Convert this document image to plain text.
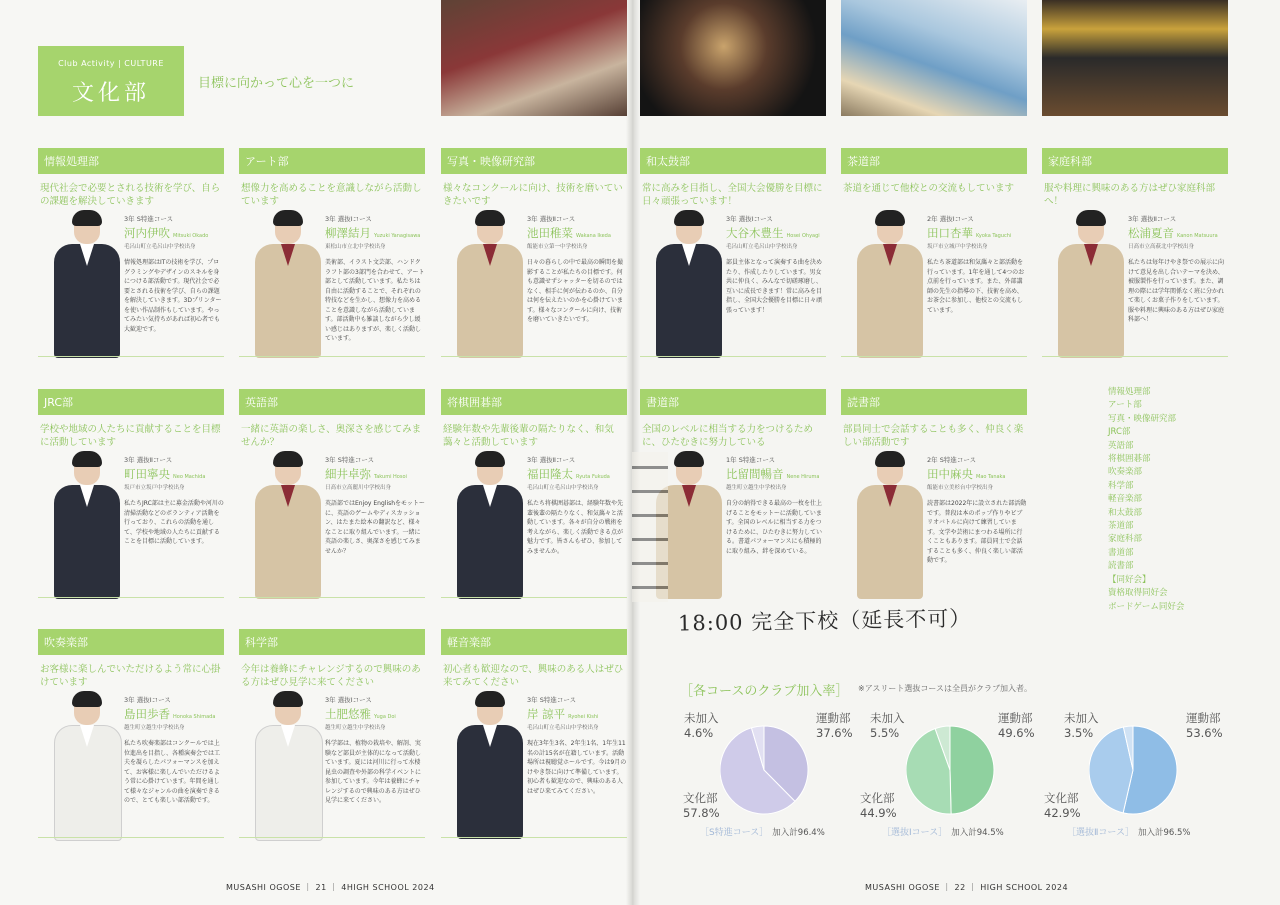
Club Activity | CULTURE
文化部	目標に向かって心を一つに
情報処理部
現代社会で必要とされる技術を学び、自らの課題を解決していきます
3年 S特進コース
河内伊吹 Mitsuki Okado
毛呂山町立毛呂山中学校出身
情報処理部はITの技術を学び、プログラミングやデザインのスキルを身につける部活動です。現代社会で必要とされる技術を学び、自らの課題を解決していきます。3Dプリンターを使い作品制作もしています。やってみたい気持ちがあれば初心者でも大歓迎です。
アート部
想像力を高めることを意識しながら活動しています
3年 選抜Ⅰコース
柳澤結月 Yuzuki Yanagisawa
東松山市立北中学校出身
美術部、イラスト文芸部、ハンドクラフト部の3部門を合わせて、アート部として活動しています。私たちは自由に活動することで、それぞれの特技などを生かし、想像力を高めることを意識しながら活動しています。部活動中も雑談しながら少し緩い感じはありますが、楽しく活動しています。
写真・映像研究部
様々なコンクールに向け、技術を磨いていきたいです
3年 選抜Ⅱコース
池田稚菜 Wakana Ikeda
飯能市立第一中学校出身
日々の暮らしの中で最高の瞬間を撮影することが私たちの目標です。何も意識せずシャッターを切るのではなく、相手に何が伝わるのか、自分は何を伝えたいのかを心掛けています。様々なコンクールに向け、技術を磨いていきたいです。
JRC部
学校や地域の人たちに貢献することを目標に活動しています
3年 選抜Ⅱコース
町田寧央 Neo Machida
坂戸市立坂戸中学校出身
私たちJRC部は主に募金活動や河川の清掃活動などのボランティア活動を行っており、これらの活動を通して、学校や地域の人たちに貢献することを目標に活動しています。
英語部
一緒に英語の楽しさ、奥深さを感じてみませんか？
3年 S特進コース
細井卓弥 Takumi Hosoi
日高市立高麗川中学校出身
英語部ではEnjoy Englishをモットーに、英語のゲームやディスカッション、はたまた絵本の翻訳など、様々なことに取り組んでいます。一緒に英語の楽しさ、奥深さを感じてみませんか？
将棋囲碁部
経験年数や先輩後輩の隔たりなく、和気藹々と活動しています
3年 選抜Ⅱコース
福田隆太 Ryuta Fukuda
毛呂山町立毛呂山中学校出身
私たち将棋囲碁部は、経験年数や先輩後輩の隔たりなく、和気藹々と活動しています。各々が自分の戦術を考えながら、楽しく活動できる点が魅力です。皆さんもぜひ、参加してみませんか。
吹奏楽部
お客様に楽しんでいただけるよう常に心掛けています
3年 選抜Ⅰコース
島田歩香 Honoka Shimada
越生町立越生中学校出身
私たち吹奏楽部はコンクールでは上位進出を目指し、各種演奏会では工夫を凝らしたパフォーマンスを加えて、お客様に楽しんでいただけるよう常に心掛けています。年間を通して様々なジャンルの曲を演奏できるので、とても楽しい部活動です。
科学部
今年は養蜂にチャレンジするので興味のある方はぜひ見学に来てください
3年 選抜Ⅰコース
土肥悠雅 Yuga Doi
越生町立越生中学校出身
科学部は、植物の栽培や、解剖、実験など部員が主体的になって活動しています。夏には河川に行って水棲昆虫の調査や外部の科学イベントに参加しています。今年は養蜂にチャレンジするので興味のある方はぜひ見学に来てください。
軽音楽部
初心者も歓迎なので、興味のある人はぜひ来てみてください
3年 S特進コース
岸 諒平 Ryohei Kishi
毛呂山町立毛呂山中学校出身
現在3年生3名、2年生1名、1年生11名の計15名が在籍しています。活動場所は視聴覚ホールです。今は9月のけやき祭に向けて準備しています。初心者も歓迎なので、興味のある人はぜひ来てみてください。
和太鼓部
常に高みを目指し、全国大会優勝を目標に日々頑張っています！
3年 選抜Ⅰコース
大谷木豊生 Hosei Ohyagi
毛呂山町立毛呂山中学校出身
部員主体となって演奏する曲を決めたり、作成したりしています。男女共に仲良く、みんなで切磋琢磨し、互いに成長できます！常に高みを目指し、全国大会優勝を目標に日々頑張っています！
茶道部
茶道を通じて他校との交流もしています
2年 選抜Ⅰコース
田口杏華 Kyoka Taguchi
坂戸市立城戸中学校出身
私たち茶道部は和気藹々と部活動を行っています。1年を通して4つのお点前を行っています。また、外部講師の先生の指導の下、技術を高め、お茶会に参加し、他校との交流もしています。
家庭科部
服や料理に興味のある方はぜひ家庭科部へ！
3年 選抜Ⅱコース
松浦夏音 Kanon Matsuura
日高市立高萩北中学校出身
私たちは毎年けやき祭での展示に向けて意見を出し合いテーマを決め、被服製作を行っています。また、調理の際には学年関係なく班に分かれて楽しくお菓子作りをしています。服や料理に興味のある方はぜひ家庭科部へ！
書道部
全国のレベルに相当する力をつけるために、ひたむきに努力している
1年 S特進コース
比留間暢音 Nene Hiruma
越生町立越生中学校出身
自分の納得できる最高の一枚を仕上げることをモットーに活動しています。全国のレベルに相当する力をつけるために、ひたむきに努力している。書道パフォーマンスにも積極的に取り組み、絆を深めている。
読書部
部員同士で会話することも多く、仲良く楽しい部活動です
2年 S特進コース
田中麻央 Mao Tanaka
飯能市立美杉台中学校出身
読書部は2022年に設立された部活動です。普段は本のポップ作りやビブリオバトルに向けて練習しています。文学や芸術にまつわる場所に行くこともあります。部員同士で会話することも多く、仲良く楽しい部活動です。
情報処理部
アート部
写真・映像研究部
JRC部
英語部
将棋囲碁部
吹奏楽部
科学部
軽音楽部
和太鼓部
茶道部
家庭科部
書道部
読書部
【同好会】
資格取得同好会
ボードゲーム同好会
18:00 完全下校（延長不可）
［各コースのクラブ加入率］ ※アスリート選抜コースは全員がクラブ加入者。
未加入
4.6%
運動部
37.6%
文化部
57.8%
［S特進コース］ 加入計96.4%
未加入
5.5%
運動部
49.6%
文化部
44.9%
［選抜Ⅰコース］ 加入計94.5%
未加入
3.5%
運動部
53.6%
文化部
42.9%
［選抜Ⅱコース］ 加入計96.5%
MUSASHI OGOSE ｜ 21 ｜ 4HIGH SCHOOL 2024	MUSASHI OGOSE ｜ 22 ｜ HIGH SCHOOL 2024
